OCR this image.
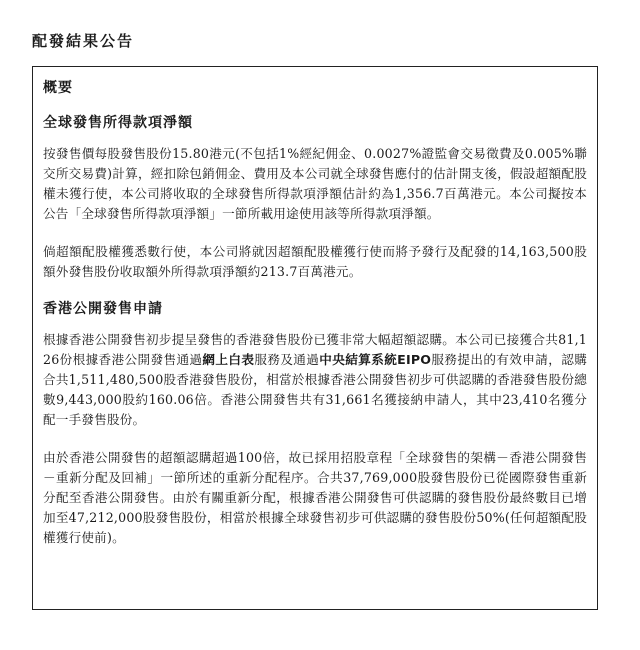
配發結果公告
概要
全球發售所得款項淨額

按發售價每股發售股份15.80港元(不包括1%經紀佣金、0.0027%證監會交易徵費及0.005%聯交所交易費)計算，經扣除包銷佣金、費用及本公司就全球發售應付的估計開支後，假設超額配股權未獲行使，本公司將收取的全球發售所得款項淨額估計約為1,356.7百萬港元。本公司擬按本公告「全球發售所得款項淨額」一節所載用途使用該等所得款項淨額。

倘超額配股權獲悉數行使，本公司將就因超額配股權獲行使而將予發行及配發的14,163,500股額外發售股份收取額外所得款項淨額約213.7百萬港元。

香港公開發售申請

根據香港公開發售初步提呈發售的香港發售股份已獲非常大幅超額認購。本公司已接獲合共81,126份根據香港公開發售通過網上白表服務及通過中央結算系統EIPO服務提出的有效申請，認購合共1,511,480,500股香港發售股份，相當於根據香港公開發售初步可供認購的香港發售股份總數9,443,000股約160.06倍。香港公開發售共有31,661名獲接納申請人，其中23,410名獲分配一手發售股份。

由於香港公開發售的超額認購超過100倍，故已採用招股章程「全球發售的架構－香港公開發售－重新分配及回補」一節所述的重新分配程序。合共37,769,000股發售股份已從國際發售重新分配至香港公開發售。由於有關重新分配，根據香港公開發售可供認購的發售股份最終數目已增加至47,212,000股發售股份，相當於根據全球發售初步可供認購的發售股份50%(任何超額配股權獲行使前)。
